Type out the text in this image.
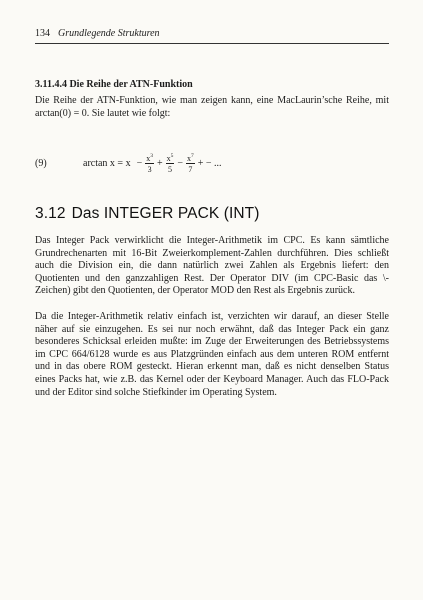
134 Grundlegende Strukturen
3.11.4.4 Die Reihe der ATN-Funktion

Die Reihe der ATN-Funktion, wie man zeigen kann, eine MacLaurin’sche Reihe, mit arctan(0) = 0. Sie lautet wie folgt:

(9)	$\arctan x = x - \frac{x^3}{3} + \frac{x^5}{5} - \frac{x^7}{7}$ + − ...
3.12 Das INTEGER PACK (INT)

Das Integer Pack verwirklicht die Integer-Arithmetik im CPC. Es kann sämtliche Grundrechenarten mit 16-Bit Zweierkomplement-Zahlen durchführen. Dies schließt auch die Division ein, die dann natürlich zwei Zahlen als Ergebnis liefert: den Quotienten und den ganzzahligen Rest. Der Operator DIV (im CPC-Basic das \-Zeichen) gibt den Quotienten, der Operator MOD den Rest als Ergebnis zurück.

Da die Integer-Arithmetik relativ einfach ist, verzichten wir darauf, an dieser Stelle näher auf sie einzugehen. Es sei nur noch erwähnt, daß das Integer Pack ein ganz besonderes Schicksal erleiden mußte: im Zuge der Erweiterungen des Betriebssystems im CPC 664/6128 wurde es aus Platzgründen einfach aus dem unteren ROM entfernt und in das obere ROM gesteckt. Hieran erkennt man, daß es nicht denselben Status eines Packs hat, wie z.B. das Kernel oder der Keyboard Manager. Auch das FLO-Pack und der Editor sind solche Stiefkinder im Operating System.
